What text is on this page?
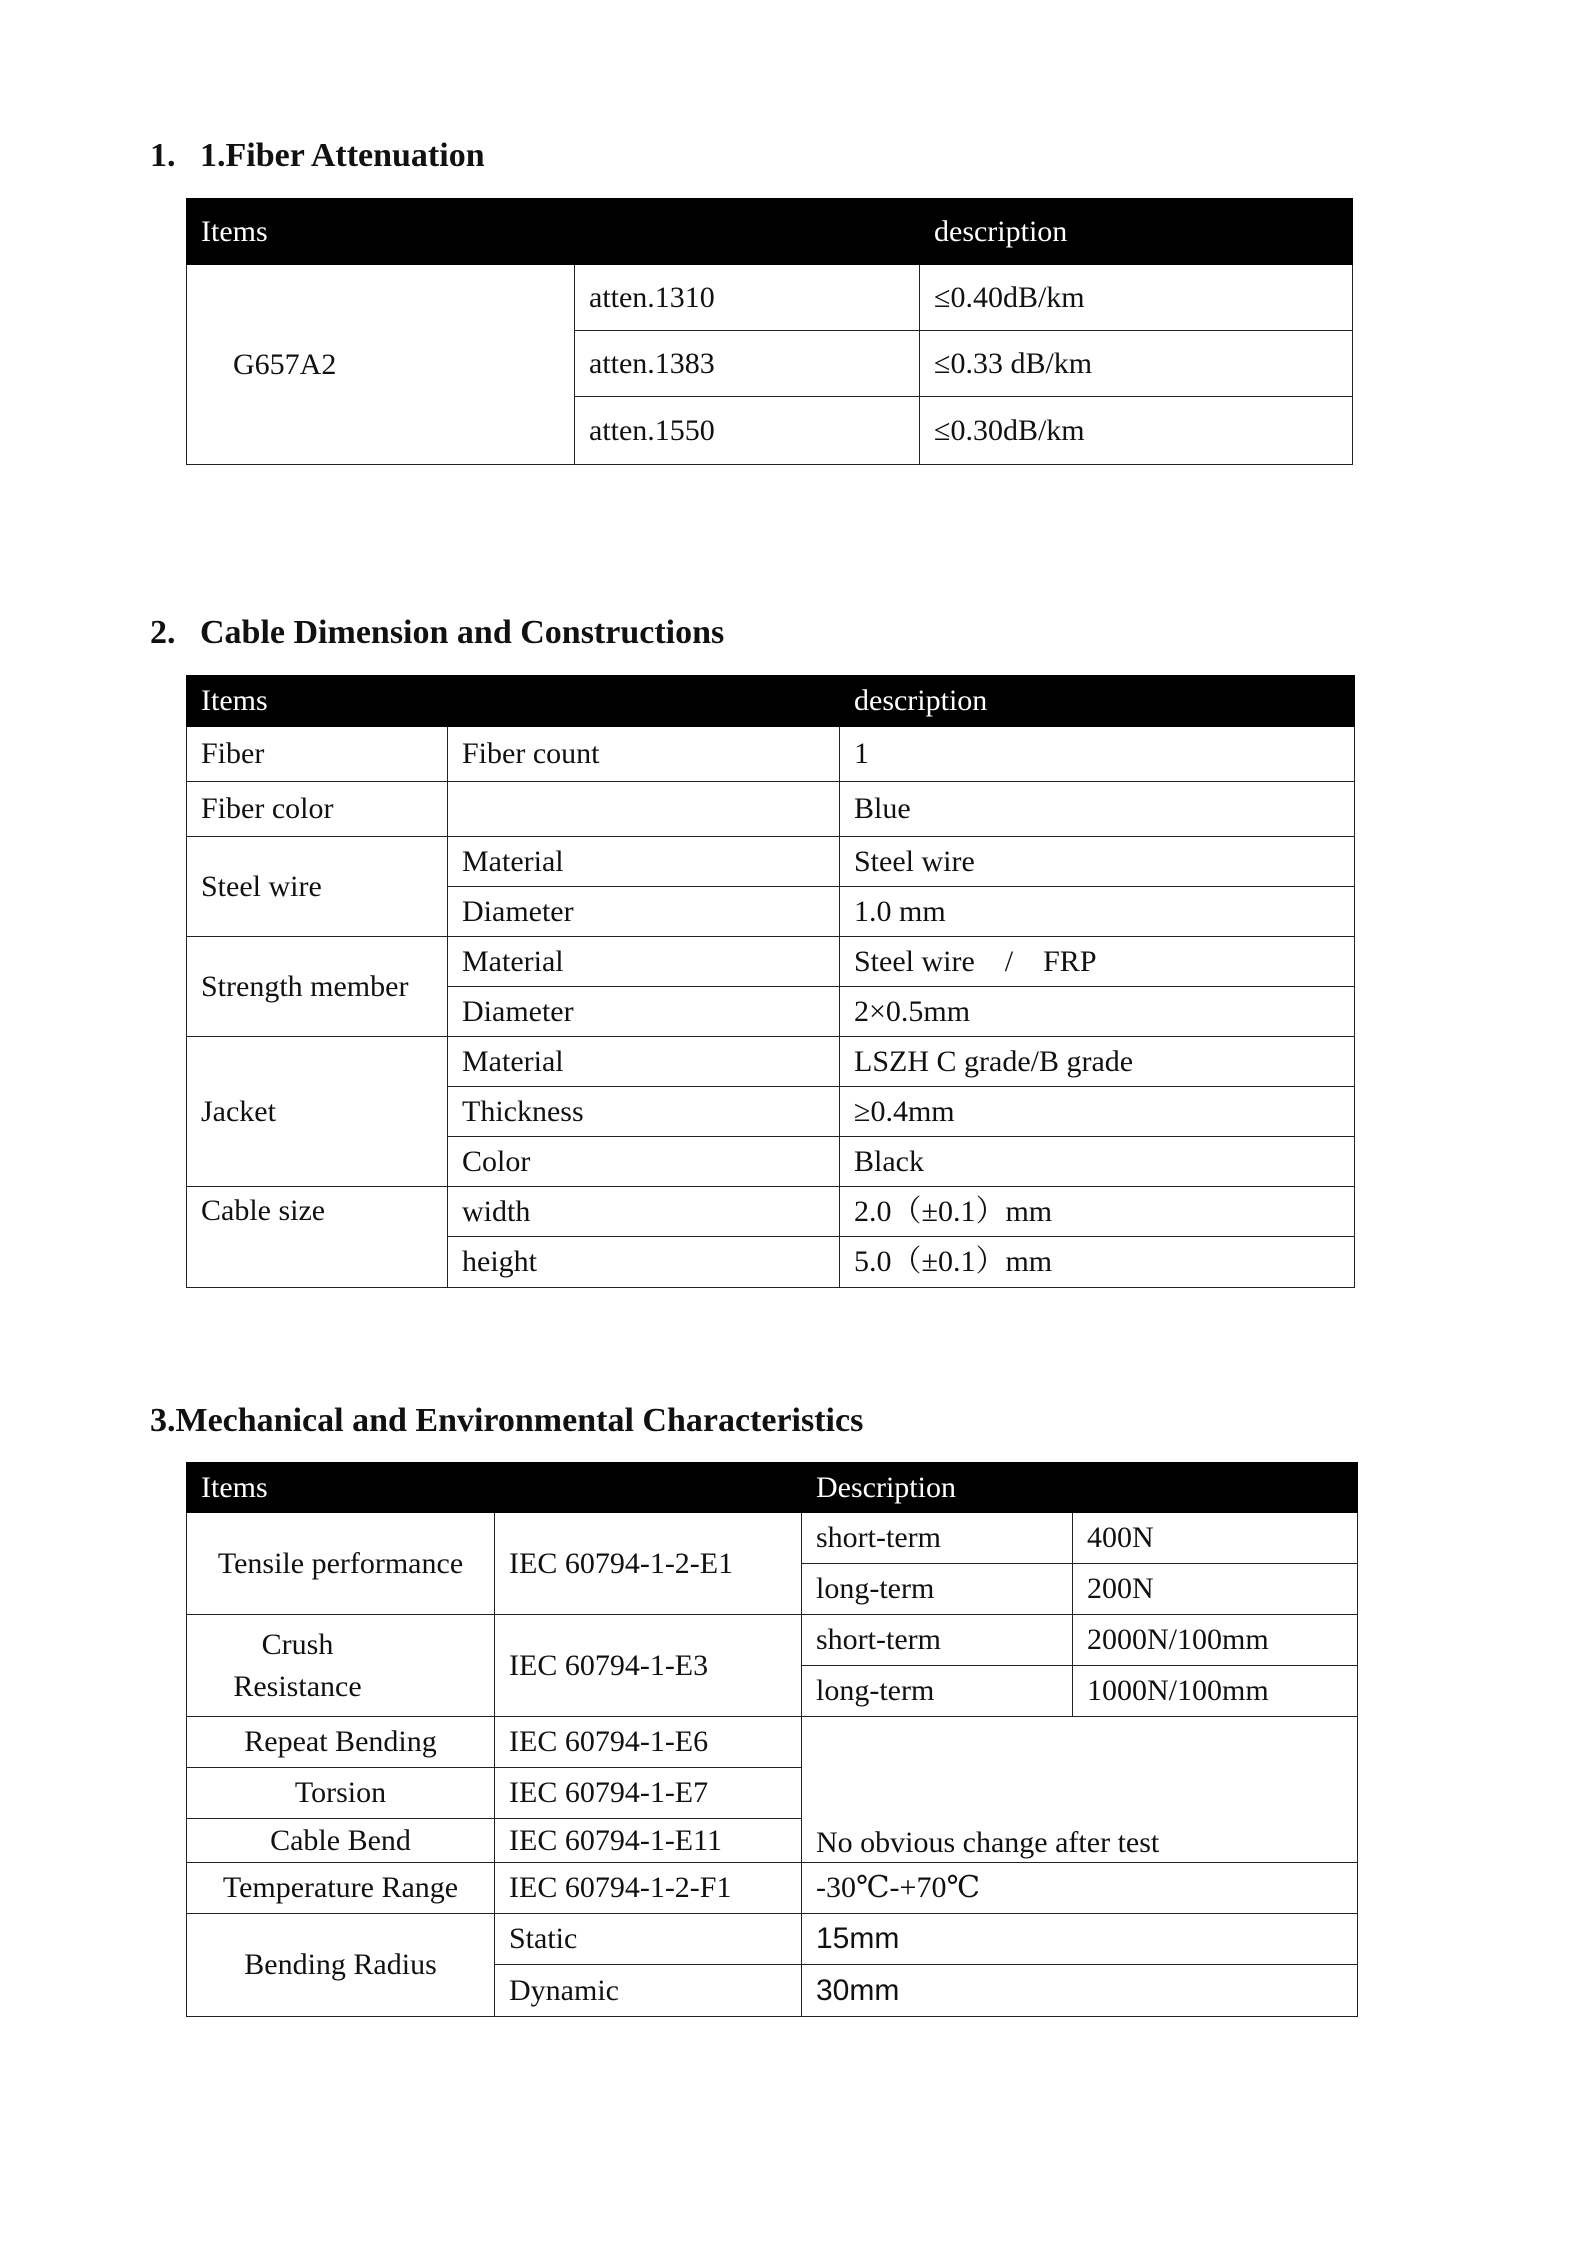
1. 1.Fiber Attenuation
Items		description
G657A2	atten.1310	≤0.40dB/km
	atten.1383	≤0.33 dB/km
	atten.1550	≤0.30dB/km
2. Cable Dimension and Constructions
Items		description
Fiber	Fiber count	1
Fiber color		Blue
Steel wire	Material	Steel wire
	Diameter	1.0 mm
Strength member	Material	Steel wire    /    FRP
	Diameter	2×0.5mm
Jacket	Material	LSZH C grade/B grade
	Thickness	≥0.4mm
	Color	Black
Cable size	width	2.0（±0.1）mm
	height	5.0（±0.1）mm
3.Mechanical and Environmental Characteristics
Items		Description	
Tensile performance	IEC 60794-1-2-E1	short-term	400N
		long-term	200N
Crush Resistance	IEC 60794-1-E3	short-term	2000N/100mm
		long-term	1000N/100mm
Repeat Bending	IEC 60794-1-E6	No obvious change after test	
Torsion	IEC 60794-1-E7		
Cable Bend	IEC 60794-1-E11		
Temperature Range	IEC 60794-1-2-F1	-30℃-+70℃	
Bending Radius	Static	15mm	
	Dynamic	30mm	
